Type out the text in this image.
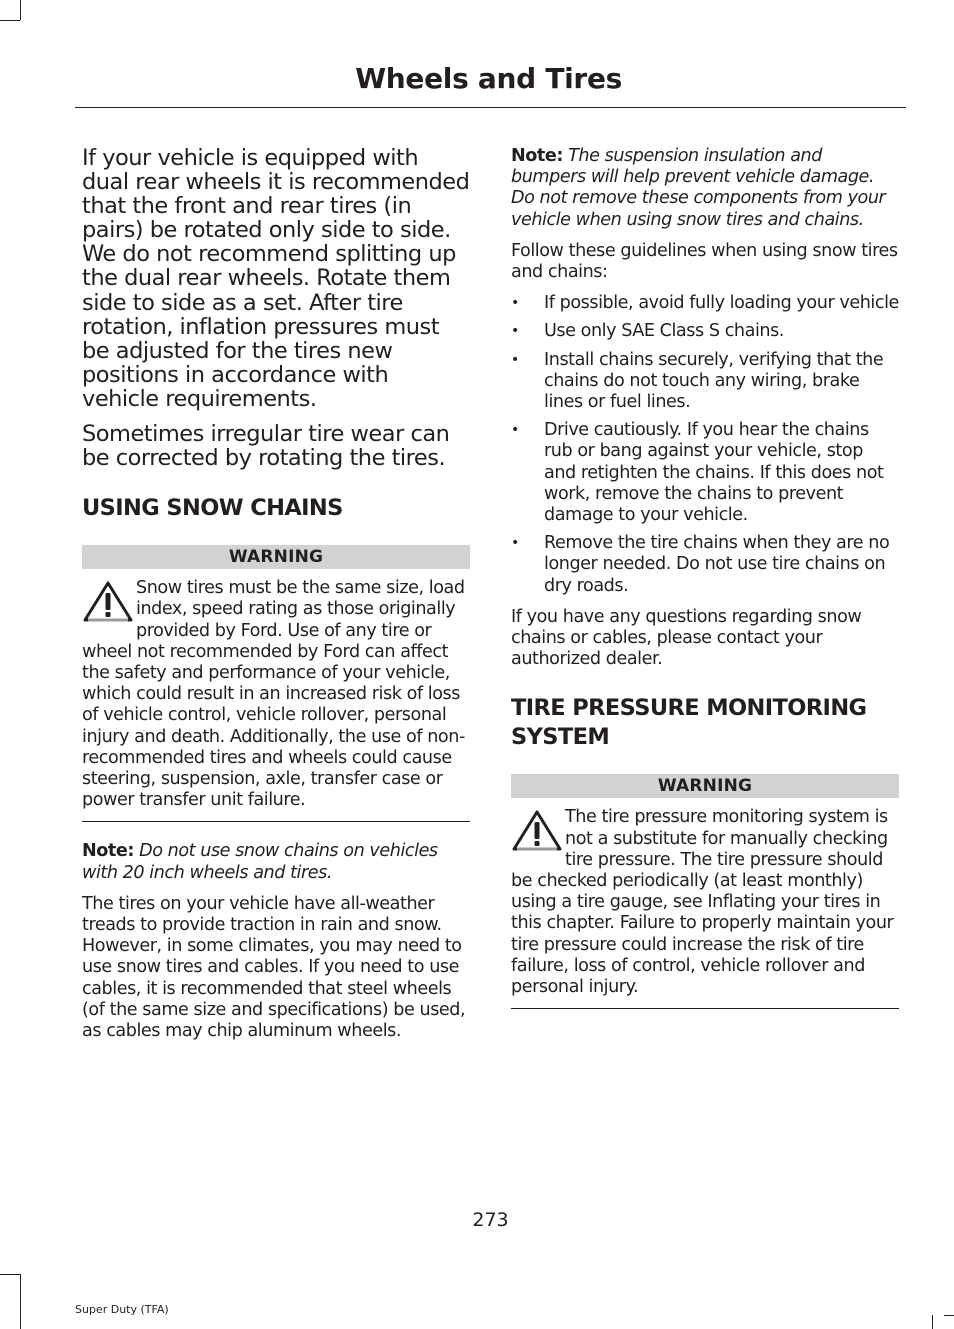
Wheels and Tires

If your vehicle is equipped with dual rear wheels it is recommended that the front and rear tires (in pairs) be rotated only side to side. We do not recommend splitting up the dual rear wheels. Rotate them side to side as a set. After tire rotation, inflation pressures must be adjusted for the tires new positions in accordance with vehicle requirements.

Sometimes irregular tire wear can be corrected by rotating the tires.

USING SNOW CHAINS
WARNING

Snow tires must be the same size, load index, speed rating as those originally provided by Ford. Use of any tire or wheel not recommended by Ford can affect the safety and performance of your vehicle, which could result in an increased risk of loss of vehicle control, vehicle rollover, personal injury and death. Additionally, the use of non-recommended tires and wheels could cause steering, suspension, axle, transfer case or power transfer unit failure.

Note: Do not use snow chains on vehicles with 20 inch wheels and tires.

The tires on your vehicle have all-weather treads to provide traction in rain and snow. However, in some climates, you may need to use snow tires and cables. If you need to use cables, it is recommended that steel wheels (of the same size and specifications) be used, as cables may chip aluminum wheels.

Note: The suspension insulation and bumpers will help prevent vehicle damage. Do not remove these components from your vehicle when using snow tires and chains.

Follow these guidelines when using snow tires and chains:

• If possible, avoid fully loading your vehicle
• Use only SAE Class S chains.
• Install chains securely, verifying that the chains do not touch any wiring, brake lines or fuel lines.
• Drive cautiously. If you hear the chains rub or bang against your vehicle, stop and retighten the chains. If this does not work, remove the chains to prevent damage to your vehicle.
• Remove the tire chains when they are no longer needed. Do not use tire chains on dry roads.

If you have any questions regarding snow chains or cables, please contact your authorized dealer.

TIRE PRESSURE MONITORING
SYSTEM
WARNING

The tire pressure monitoring system is not a substitute for manually checking tire pressure. The tire pressure should be checked periodically (at least monthly) using a tire gauge, see Inflating your tires in this chapter. Failure to properly maintain your tire pressure could increase the risk of tire failure, loss of control, vehicle rollover and personal injury.

273
Super Duty (TFA)
